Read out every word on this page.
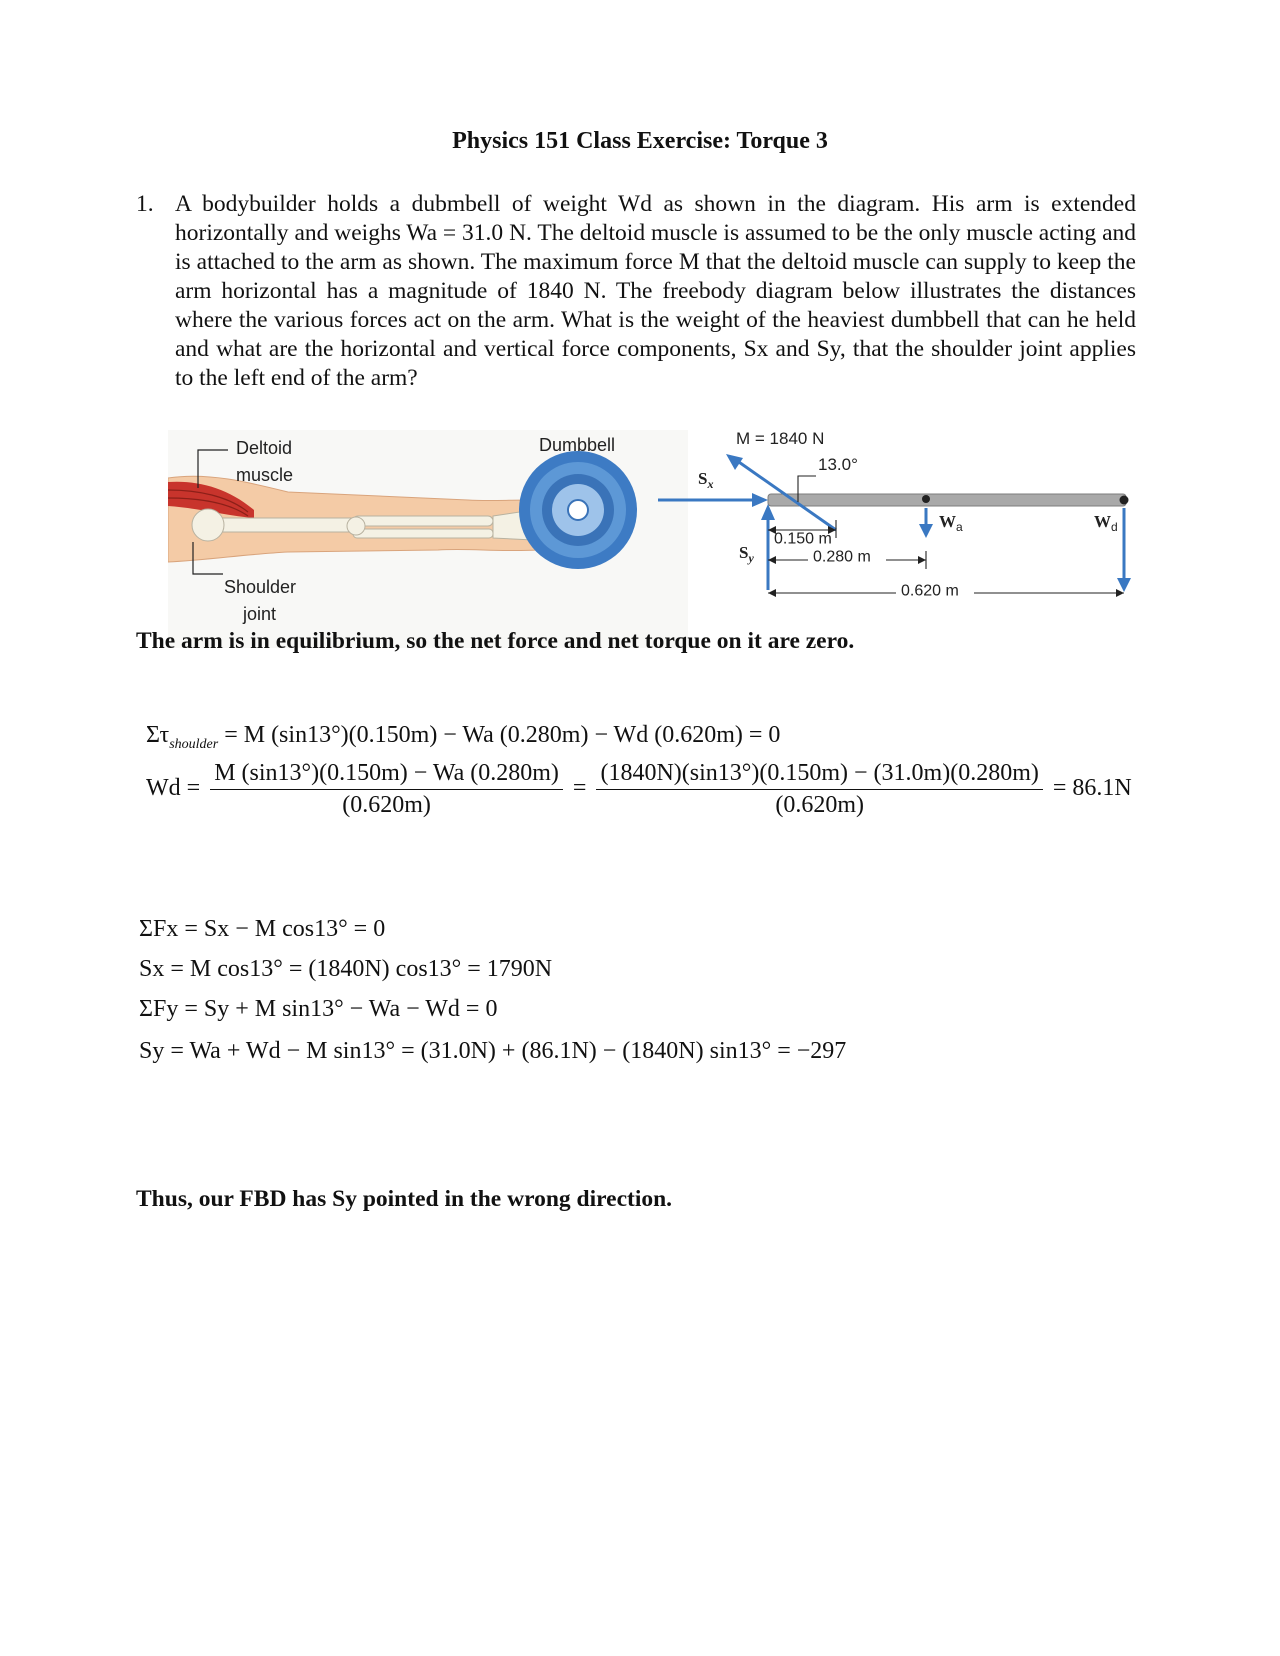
Physics 151 Class Exercise: Torque 3
1. A bodybuilder holds a dubmbell of weight Wd as shown in the diagram. His arm is extended horizontally and weighs Wa = 31.0 N. The deltoid muscle is assumed to be the only muscle acting and is attached to the arm as shown. The maximum force M that the deltoid muscle can supply to keep the arm horizontal has a magnitude of 1840 N. The freebody diagram below illustrates the distances where the various forces act on the arm. What is the weight of the heaviest dumbbell that can he held and what are the horizontal and vertical force components, Sx and Sy, that the shoulder joint applies to the left end of the arm?
Deltoid
muscle
Dumbbell
Shoulder
joint
M = 1840 N
13.0°
$S_x$
$S_y$
$W_a$	$W_d$
0.150 m
0.280 m
0.620 m

The arm is in equilibrium, so the net force and net torque on it are zero.

$\Sigma\tau_{shoulder} = M$ (sin13°)(0.150m) − Wa (0.280m) − Wd (0.620m) = 0
$Wd = \frac{M (\sin 13^\circ)(0.150m) - Wa (0.280m)}{(0.620m)} = \frac{(1840N)(\sin 13^\circ)(0.150m) - (31.0m)(0.280m)}{(0.620m)} = 86.1N$
ΣFx = Sx − M cos13° = 0
Sx = M cos13° = (1840N) cos13° = 1790N
ΣFy = Sy + M sin13° − Wa − Wd = 0
Sy = Wa + Wd − M sin13° = (31.0N) + (86.1N) − (1840N) sin13° = −297

Thus, our FBD has Sy pointed in the wrong direction.
